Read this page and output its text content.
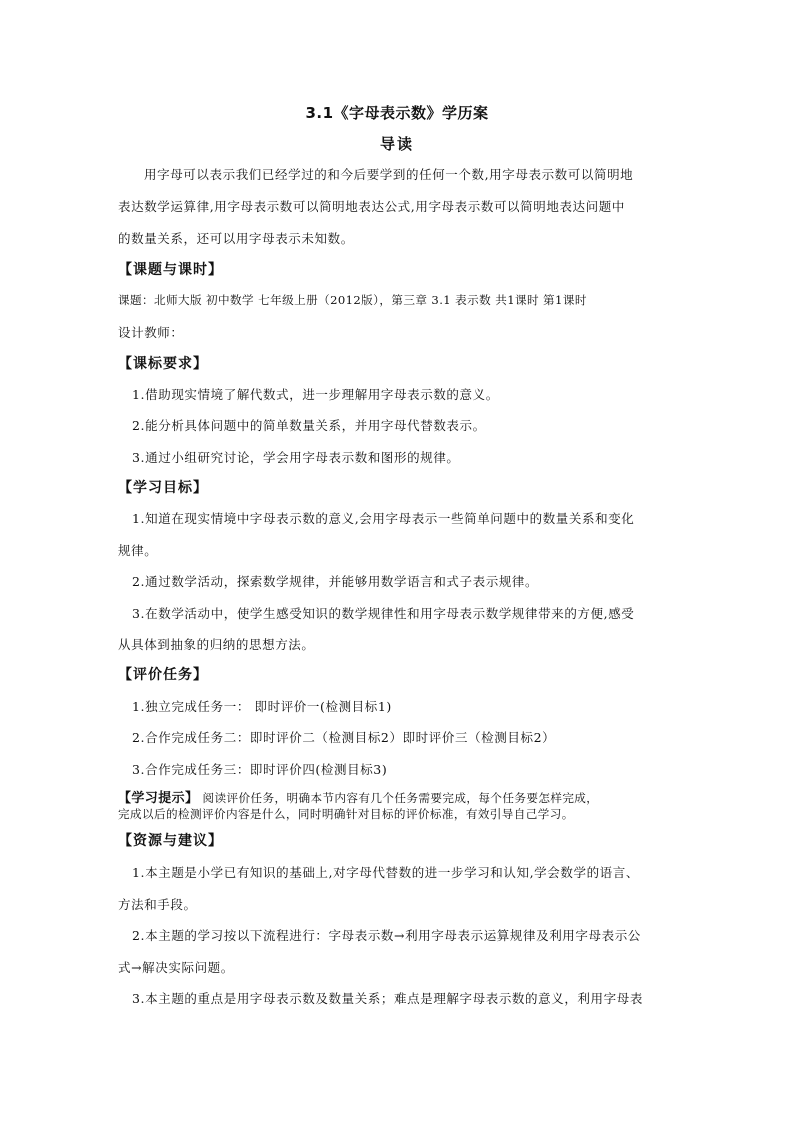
3.1《字母表示数》学历案
导读
用字母可以表示我们已经学过的和今后要学到的任何一个数,用字母表示数可以简明地
表达数学运算律,用字母表示数可以简明地表达公式,用字母表示数可以简明地表达问题中
的数量关系，还可以用字母表示未知数。
【课题与课时】
课题：北师大版 初中数学 七年级上册（2012版），第三章 3.1 表示数 共1课时 第1课时
设计教师：
【课标要求】
1.借助现实情境了解代数式，进一步理解用字母表示数的意义。
2.能分析具体问题中的简单数量关系，并用字母代替数表示。
3.通过小组研究讨论，学会用字母表示数和图形的规律。
【学习目标】
1.知道在现实情境中字母表示数的意义,会用字母表示一些简单问题中的数量关系和变化
规律。
2.通过数学活动，探索数学规律，并能够用数学语言和式子表示规律。
3.在数学活动中，使学生感受知识的数学规律性和用字母表示数学规律带来的方便,感受
从具体到抽象的归纳的思想方法。
【评价任务】
1.独立完成任务一： 即时评价一(检测目标1)
2.合作完成任务二：即时评价二（检测目标2）即时评价三（检测目标2）
3.合作完成任务三：即时评价四(检测目标3)
【学习提示】 阅读评价任务，明确本节内容有几个任务需要完成，每个任务要怎样完成，
完成以后的检测评价内容是什么，同时明确针对目标的评价标准，有效引导自己学习。
【资源与建议】
1.本主题是小学已有知识的基础上,对字母代替数的进一步学习和认知,学会数学的语言、
方法和手段。
2.本主题的学习按以下流程进行：字母表示数→利用字母表示运算规律及利用字母表示公
式→解决实际问题。
3.本主题的重点是用字母表示数及数量关系；难点是理解字母表示数的意义，利用字母表
